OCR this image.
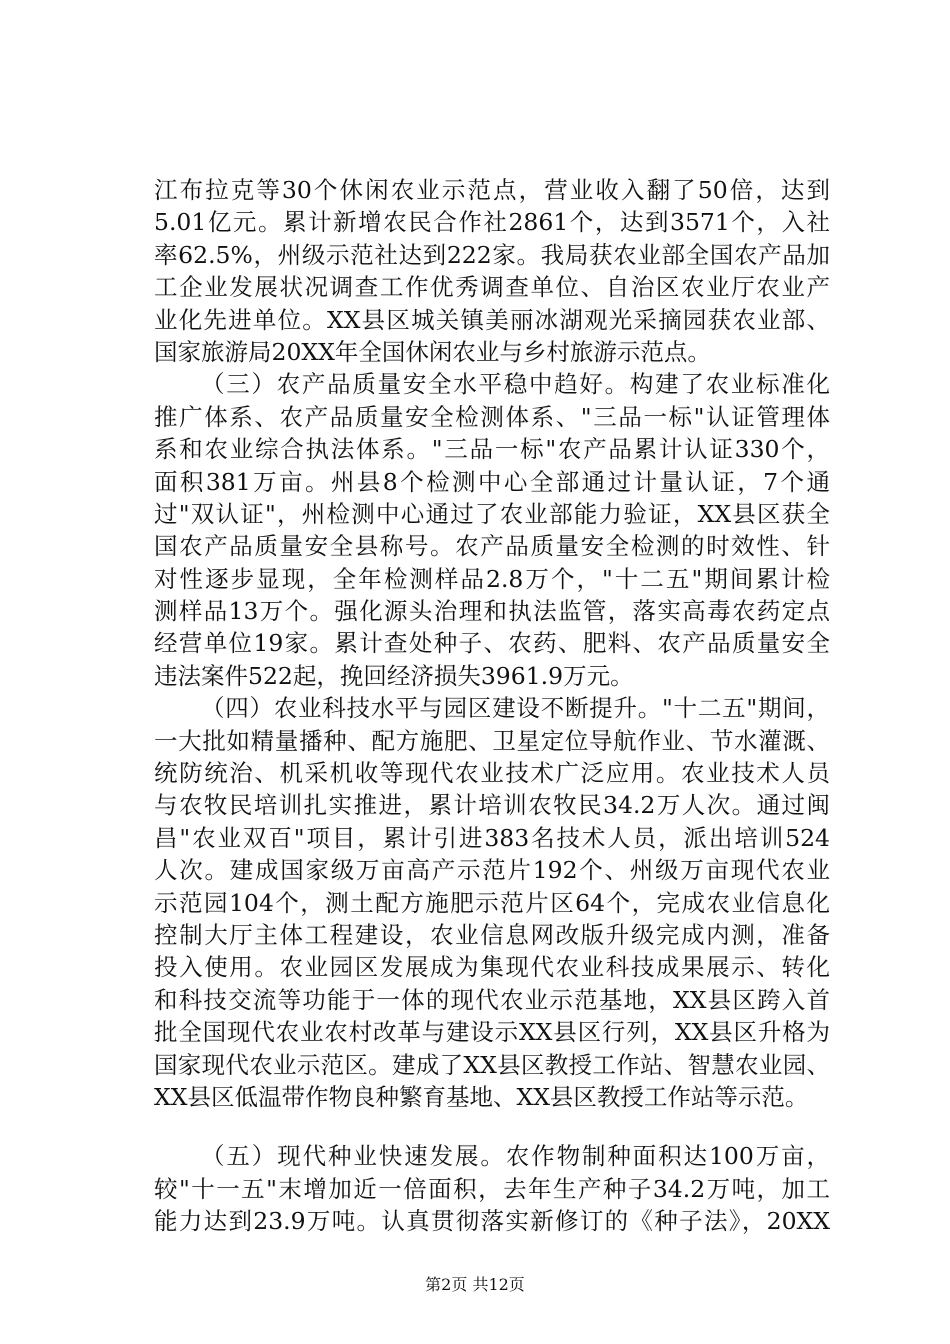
江布拉克等30个休闲农业示范点，营业收入翻了50倍，达到
5.01亿元。累计新增农民合作社2861个，达到3571个，入社
率62.5%，州级示范社达到222家。我局获农业部全国农产品加
工企业发展状况调查工作优秀调查单位、自治区农业厅农业产
业化先进单位。XX县区城关镇美丽冰湖观光采摘园获农业部、
国家旅游局20XX年全国休闲农业与乡村旅游示范点。
（三）农产品质量安全水平稳中趋好。构建了农业标准化
推广体系、农产品质量安全检测体系、"三品一标"认证管理体
系和农业综合执法体系。"三品一标"农产品累计认证330个，
面积381万亩。州县8个检测中心全部通过计量认证，7个通
过"双认证"，州检测中心通过了农业部能力验证，XX县区获全
国农产品质量安全县称号。农产品质量安全检测的时效性、针
对性逐步显现，全年检测样品2.8万个，"十二五"期间累计检
测样品13万个。强化源头治理和执法监管，落实高毒农药定点
经营单位19家。累计查处种子、农药、肥料、农产品质量安全
违法案件522起，挽回经济损失3961.9万元。
（四）农业科技水平与园区建设不断提升。"十二五"期间，
一大批如精量播种、配方施肥、卫星定位导航作业、节水灌溉、
统防统治、机采机收等现代农业技术广泛应用。农业技术人员
与农牧民培训扎实推进，累计培训农牧民34.2万人次。通过闽
昌"农业双百"项目，累计引进383名技术人员，派出培训524
人次。建成国家级万亩高产示范片192个、州级万亩现代农业
示范园104个，测土配方施肥示范片区64个，完成农业信息化
控制大厅主体工程建设，农业信息网改版升级完成内测，准备
投入使用。农业园区发展成为集现代农业科技成果展示、转化
和科技交流等功能于一体的现代农业示范基地，XX县区跨入首
批全国现代农业农村改革与建设示XX县区行列，XX县区升格为
国家现代农业示范区。建成了XX县区教授工作站、智慧农业园、
XX县区低温带作物良种繁育基地、XX县区教授工作站等示范。
（五）现代种业快速发展。农作物制种面积达100万亩，
较"十一五"末增加近一倍面积，去年生产种子34.2万吨，加工
能力达到23.9万吨。认真贯彻落实新修订的《种子法》，20XX
第2页 共12页
